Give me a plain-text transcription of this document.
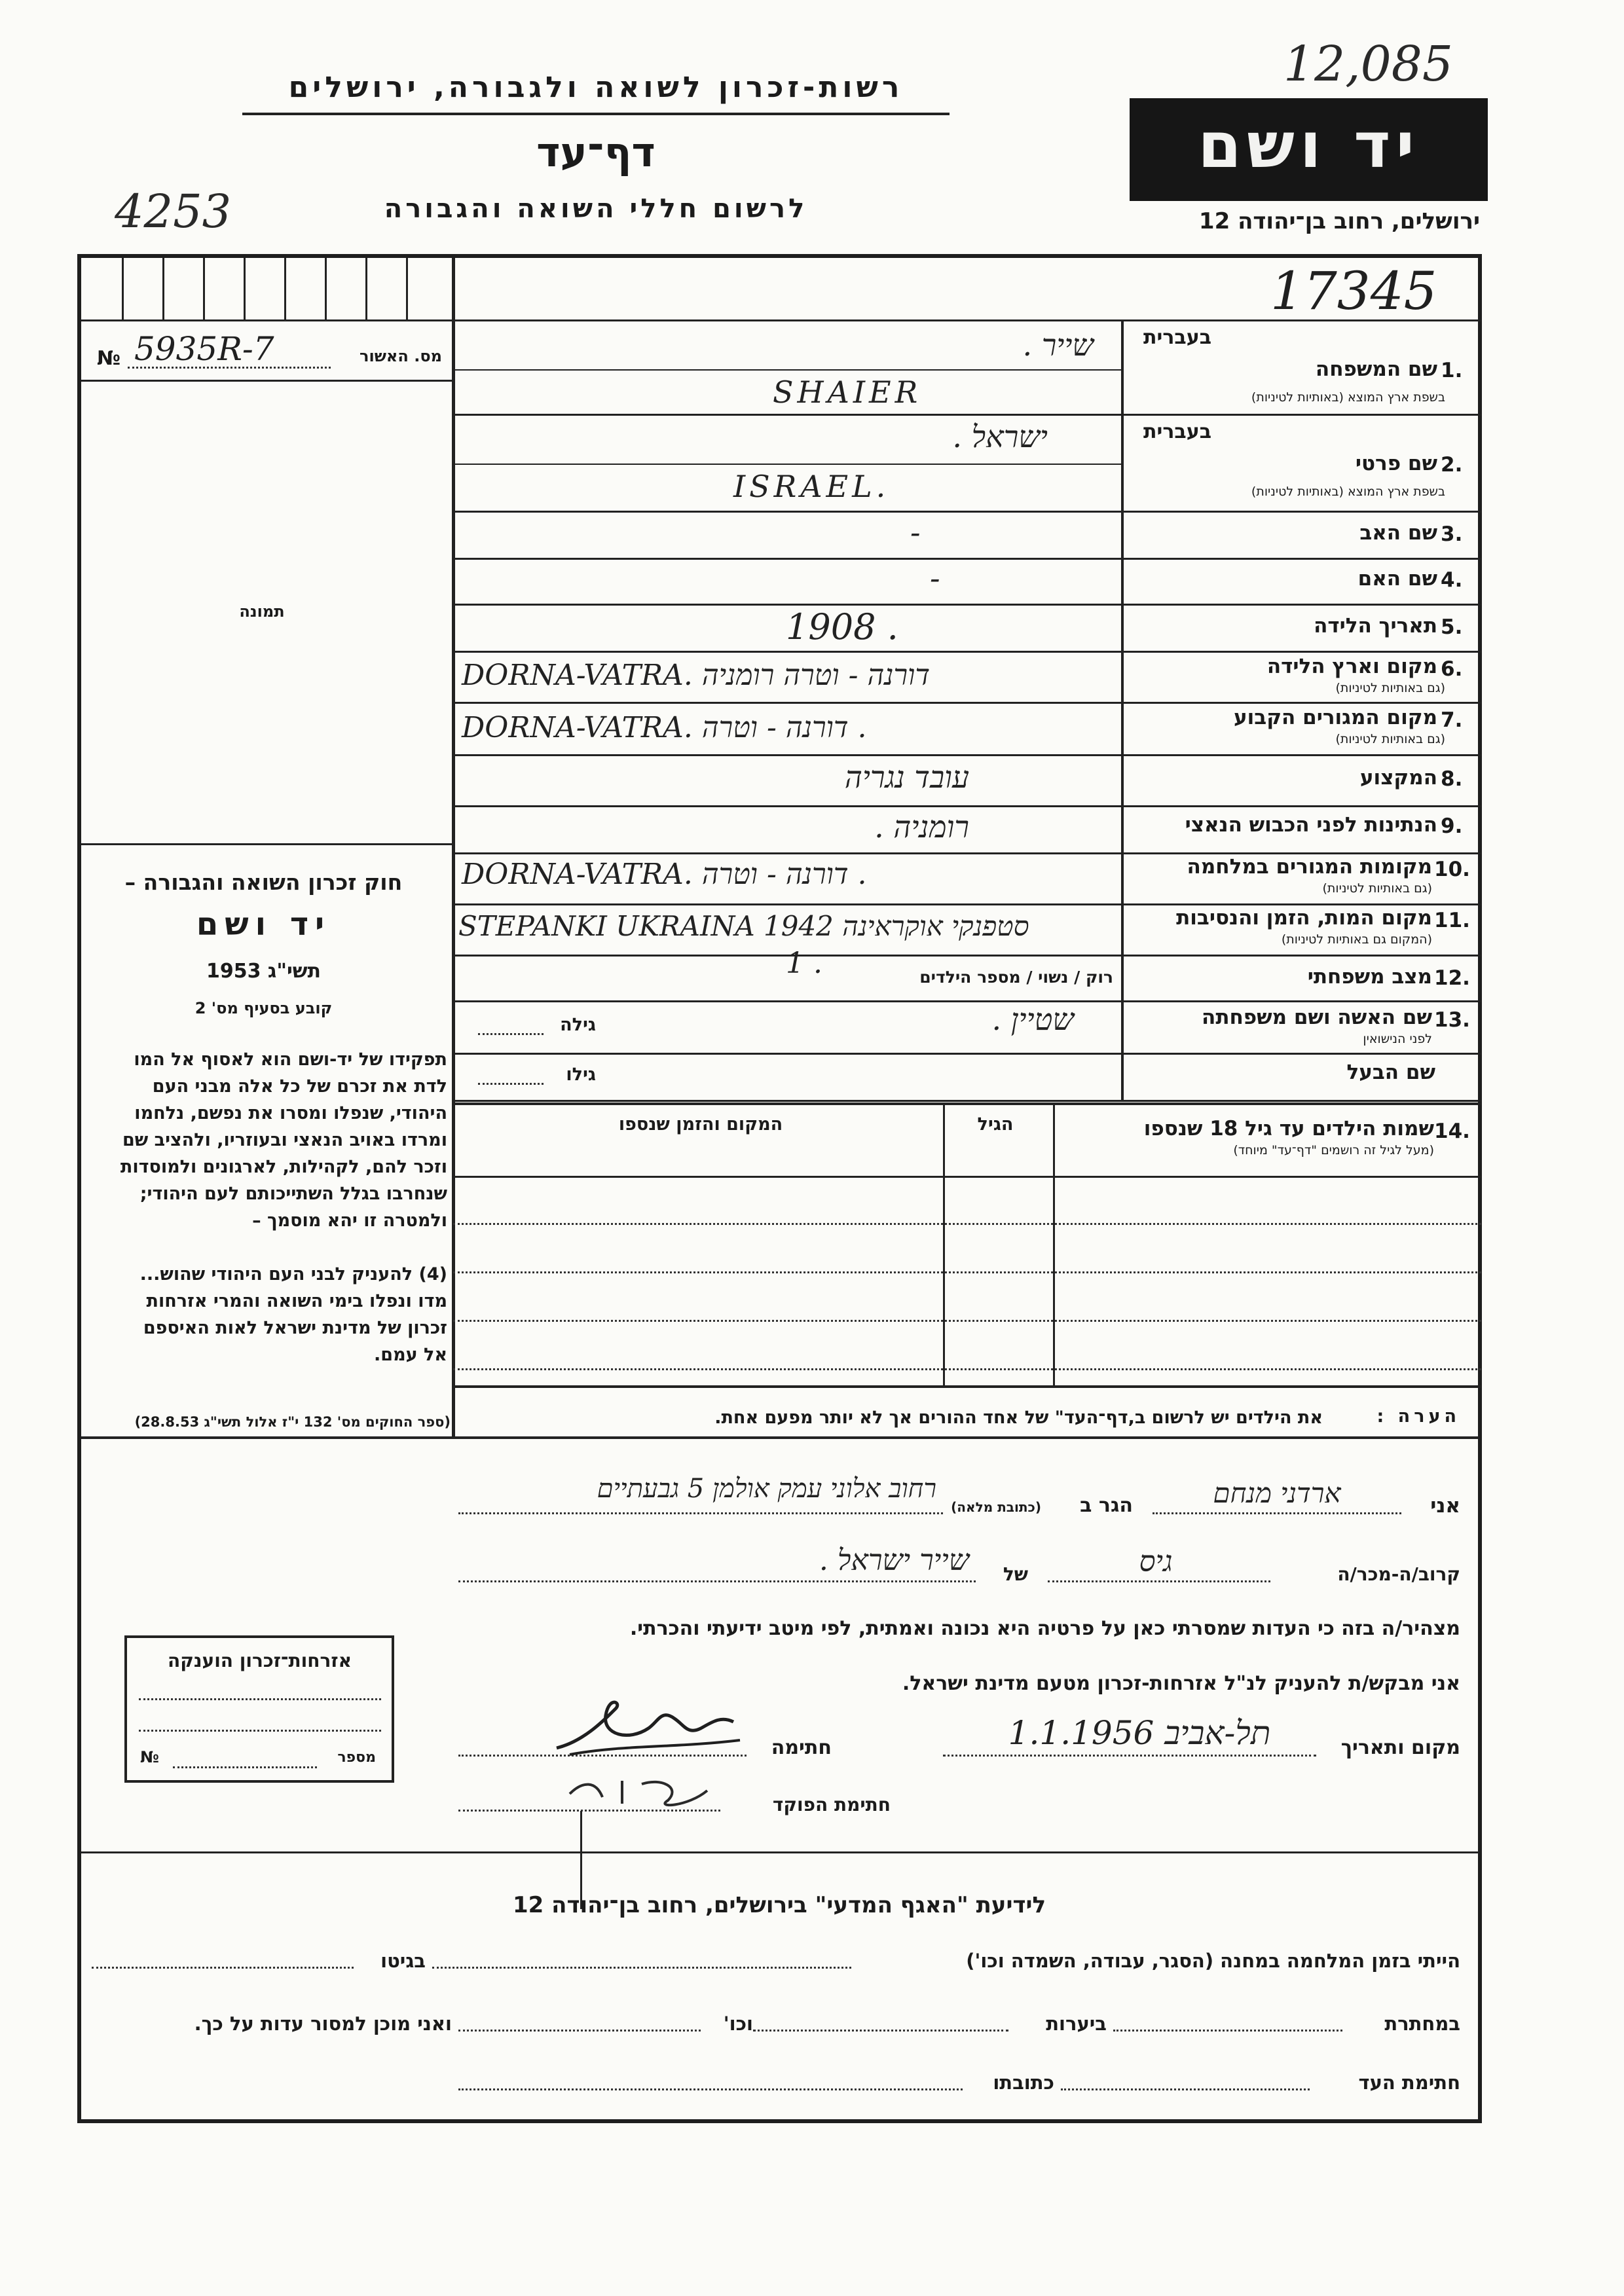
רשות-זכרון לשואה ולגבורה, ירושלים
דף־עד
לרשום חללי השואה והגבורה
יד ושם
ירושלים, רחוב בן־יהודה 12
12,085
4253
17345
№ 5935R-7	מס. האשור
תמונה
חוק זכרון השואה והגבורה –
יד ושם
תשי"ג 1953
קובע בסעיף מס' 2
תפקידו של יד-ושם הוא לאסוף אל המו
לדת את זכרם של כל אלה מבני העם
היהודי, שנפלו ומסרו את נפשם, נלחמו
ומרדו באויב הנאצי ובעוזריו, ולהציב שם
וזכר להם, לקהילות, לארגונים ולמוסדות
שנחרבו בגלל השתייכותם לעם היהודי;
ולמטרה זו יהא מוסמך –
(4) להעניק לבני העם היהודי שהוש...
מדו ונפלו בימי השואה והמרי אזרחות
זכרון של מדינת ישראל לאות האיספם
אל עמם.
(ספר החוקים מס' 132 י"ז אלול תשי"ג 28.8.53)
בעברית
בעברית
1.
שם המשפחה
בשפת ארץ המוצא (באותיות לטיניות)
שייר .
SHAIER
2.
שם פרטי
בשפת ארץ המוצא (באותיות לטיניות)
ישראל .
ISRAEL.
3.
שם האב
-
4.
שם האם
-
5.
תאריך הלידה
1908 .
6.
מקום וארץ הלידה
(גם באותיות לטיניות)
DORNA-VATRA. דורנה - וטרה רומניה
7.
מקום המגורים הקבוע
(גם באותיות לטיניות)
DORNA-VATRA. דורנה - וטרה .
8.
המקצוע
עובד נגריה
9.
הנתינות לפני הכבוש הנאצי
רומניה .
10.
מקומות המגורים במלחמה
(גם באותיות לטיניות)
DORNA-VATRA. דורנה - וטרה .
11.
מקום המות, הזמן והנסיבות
(המקום גם באותיות לטיניות)
STEPANKI UKRAINA 1942 סטפנקי אוקראינה
12.
מצב משפחתי
רוק / נשוי / מספר הילדים
1 .
13.
שם האשה ושם משפחתה
לפני הנישואין
שטיין .
גילה
שם הבעל
גילו
14.
שמות הילדים עד גיל 18 שנספו
(מעל לגיל זה רושמים "דף־עד" מיוחד)
הגיל
המקום והזמן שנספו
הערה :
את הילדים יש לרשום ב,דף־העד" של אחד ההורים אך לא יותר מפעם אחת.
אני
ארדני מנחם
הגר ב
(כתובת מלאה)
רחוב אלוני עמק אולמן 5 גבעתיים
קרוב/ה-מכר/ה
גיס
של
שייר ישראל .
מצהיר/ה בזה כי העדות שמסרתי כאן על פרטיה היא נכונה ואמתית, לפי מיטב ידיעתי והכרתי.
אני מבקש/ת להעניק לנ"ל אזרחות-זכרון מטעם מדינת ישראל.
מקום ותאריך
תל-אביב 1.1.1956
חתימה
חתימת הפוקד
אזרחות־זכרון הוענקה
№	מספר
לידיעת "האגף המדעי" בירושלים, רחוב בן־יהודה 12
הייתי בזמן המלחמה במחנה (הסגר, עבודה, השמדה וכו')
בגיטו
במחתרת
ביערות
וכו'
ואני מוכן למסור עדות על כך.
חתימת העד
כתובתו
